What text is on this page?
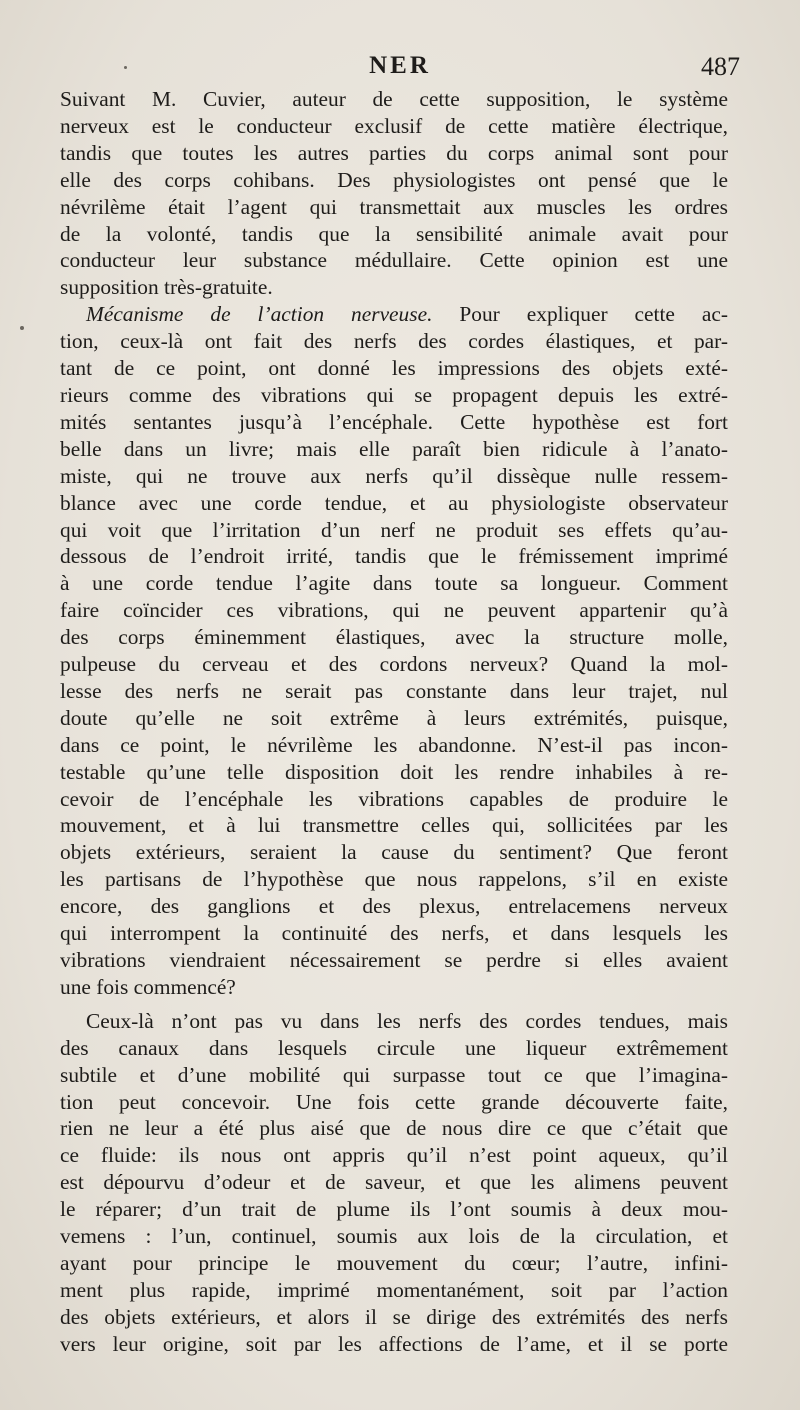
NER	487
Suivant M. Cuvier, auteur de cette supposition, le système
nerveux est le conducteur exclusif de cette matière électrique,
tandis que toutes les autres parties du corps animal sont pour
elle des corps cohibans. Des physiologistes ont pensé que le
névrilème était l’agent qui transmettait aux muscles les ordres
de la volonté, tandis que la sensibilité animale avait pour
conducteur leur substance médullaire. Cette opinion est une
supposition très-gratuite.
Mécanisme de l’action nerveuse. Pour expliquer cette ac-
tion, ceux-là ont fait des nerfs des cordes élastiques, et par-
tant de ce point, ont donné les impressions des objets exté-
rieurs comme des vibrations qui se propagent depuis les extré-
mités sentantes jusqu’à l’encéphale. Cette hypothèse est fort
belle dans un livre; mais elle paraît bien ridicule à l’anato-
miste, qui ne trouve aux nerfs qu’il dissèque nulle ressem-
blance avec une corde tendue, et au physiologiste observateur
qui voit que l’irritation d’un nerf ne produit ses effets qu’au-
dessous de l’endroit irrité, tandis que le frémissement imprimé
à une corde tendue l’agite dans toute sa longueur. Comment
faire coïncider ces vibrations, qui ne peuvent appartenir qu’à
des corps éminemment élastiques, avec la structure molle,
pulpeuse du cerveau et des cordons nerveux? Quand la mol-
lesse des nerfs ne serait pas constante dans leur trajet, nul
doute qu’elle ne soit extrême à leurs extrémités, puisque,
dans ce point, le névrilème les abandonne. N’est-il pas incon-
testable qu’une telle disposition doit les rendre inhabiles à re-
cevoir de l’encéphale les vibrations capables de produire le
mouvement, et à lui transmettre celles qui, sollicitées par les
objets extérieurs, seraient la cause du sentiment? Que feront
les partisans de l’hypothèse que nous rappelons, s’il en existe
encore, des ganglions et des plexus, entrelacemens nerveux
qui interrompent la continuité des nerfs, et dans lesquels les
vibrations viendraient nécessairement se perdre si elles avaient
une fois commencé?
Ceux-là n’ont pas vu dans les nerfs des cordes tendues, mais
des canaux dans lesquels circule une liqueur extrêmement
subtile et d’une mobilité qui surpasse tout ce que l’imagina-
tion peut concevoir. Une fois cette grande découverte faite,
rien ne leur a été plus aisé que de nous dire ce que c’était que
ce fluide: ils nous ont appris qu’il n’est point aqueux, qu’il
est dépourvu d’odeur et de saveur, et que les alimens peuvent
le réparer; d’un trait de plume ils l’ont soumis à deux mou-
vemens : l’un, continuel, soumis aux lois de la circulation, et
ayant pour principe le mouvement du cœur; l’autre, infini-
ment plus rapide, imprimé momentanément, soit par l’action
des objets extérieurs, et alors il se dirige des extrémités des nerfs
vers leur origine, soit par les affections de l’ame, et il se porte
